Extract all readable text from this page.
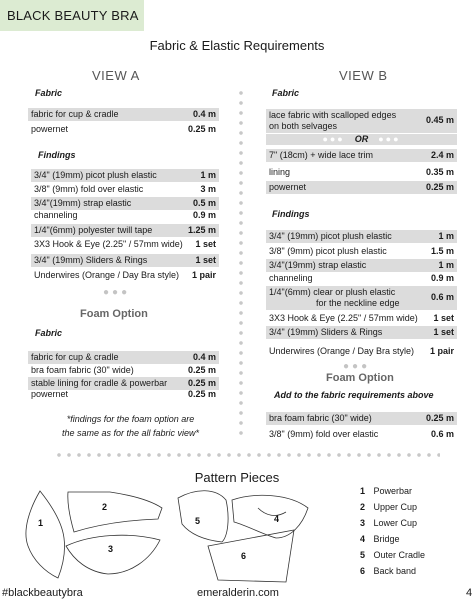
BLACK BEAUTY BRA
Fabric & Elastic Requirements
VIEW A
Fabric
fabric for cup & cradle	0.4 m
powernet	0.25 m
Findings
3/4" (19mm) picot plush elastic	1 m
3/8" (9mm) fold over elastic	3 m
3/4"(19mm) strap elastic	0.5 m
channeling	0.9 m
1/4"(6mm) polyester twill tape	1.25 m
3X3 Hook & Eye (2.25" / 57mm wide) 1 set
3/4" (19mm) Sliders & Rings	1 set
Underwires (Orange / Day Bra style) 1 pair
●●●
Foam Option
Fabric
fabric for cup & cradle	0.4 m
bra foam fabric (30" wide)	0.25 m
stable lining for cradle & powerbar 0.25 m
powernet	0.25 m
*findings for the foam option are
the same as for the all fabric view*
VIEW B
Fabric
lace fabric with scalloped edges
on both selvages
0.45 m
●●● OR ●●●
7" (18cm) + wide lace trim	2.4 m
lining	0.35 m
powernet	0.25 m
Findings
3/4" (19mm) picot plush elastic	1 m
3/8" (9mm) picot plush elastic	1.5 m
3/4"(19mm) strap elastic	1 m
channeling	0.9 m
1/4"(6mm) clear or plush elastic
for the neckline edge
0.6 m
3X3 Hook & Eye (2.25" / 57mm wide) 1 set
3/4" (19mm) Sliders & Rings	1 set
Underwires (Orange / Day Bra style) 1 pair
●●●
Foam Option
Add to the fabric requirements above
bra foam fabric (30" wide)	0.25 m
3/8" (9mm) fold over elastic	0.6 m
Pattern Pieces
1
2
3
5	4
6
1 Powerbar
2 Upper Cup
3 Lower Cup
4 Bridge
5 Outer Cradle
6 Back band
#blackbeautybra	emeralderin.com	4
